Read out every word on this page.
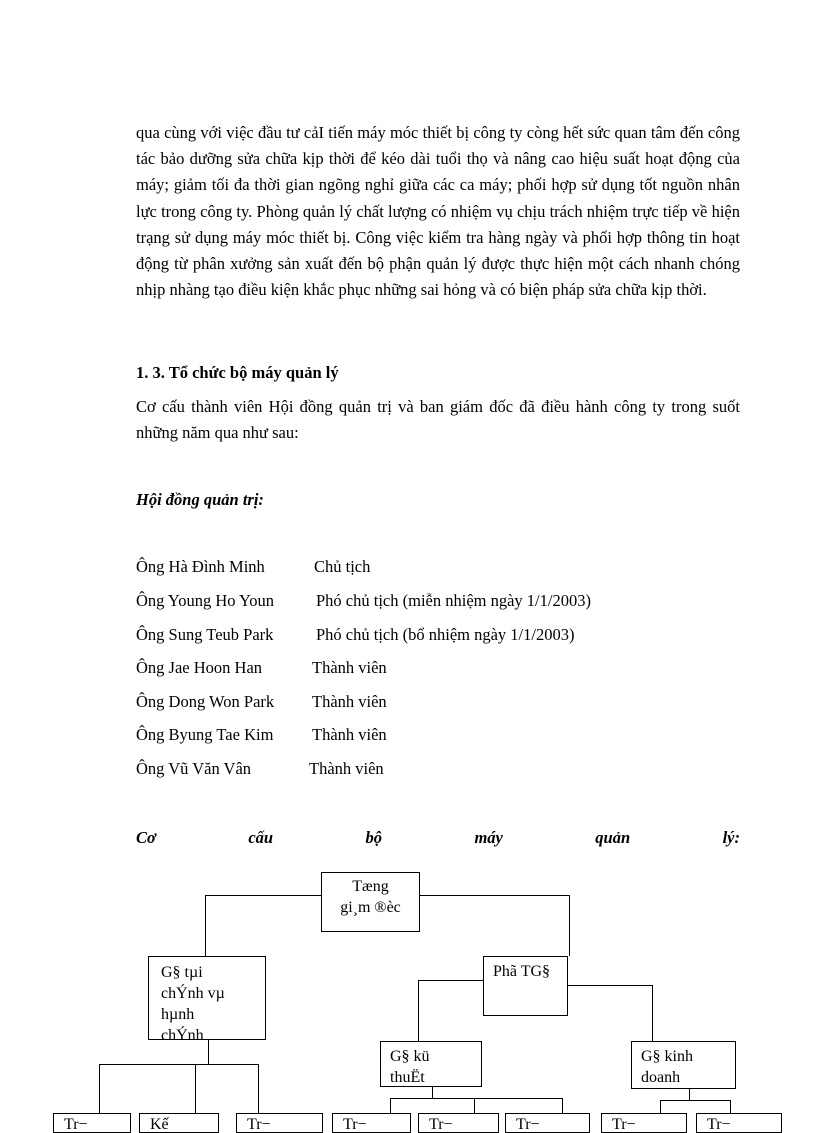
qua cùng với việc đầu tư cảI tiến máy móc thiết bị công ty còng hết sức quan tâm đến công tác bảo dưỡng sửa chữa kịp thời để kéo dài tuổi thọ và nâng cao hiệu suất hoạt động của máy; giảm tối đa thời gian ngõng nghỉ giữa các ca máy; phối hợp sử dụng tốt nguồn nhân lực trong công ty. Phòng quản lý chất lượng có nhiệm vụ chịu trách nhiệm trực tiếp về hiện trạng sử dụng máy móc thiết bị. Công việc kiểm tra hàng ngày và phối hợp thông tin hoạt động từ phân xưởng sản xuất đến bộ phận quản lý được thực hiện một cách nhanh chóng nhịp nhàng tạo điều kiện khắc phục những sai hỏng và có biện pháp sửa chữa kịp thời.

1. 3. Tổ chức bộ máy quản lý

Cơ cấu thành viên Hội đồng quản trị và ban giám đốc đã điều hành công ty trong suốt những năm qua như sau:

Hội đồng quản trị:

Ông Hà Đình Minh	Chủ tịch
Ông Young Ho Youn	Phó chủ tịch (miễn nhiệm ngày 1/1/2003)
Ông Sung Teub Park	Phó chủ tịch (bổ nhiệm ngày 1/1/2003)
Ông Jae Hoon Han	Thành viên
Ông Dong Won Park Thành viên
Ông Byung Tae Kim Thành viên
Ông Vũ Văn Vân	Thành viên
Cơ	cấu	bộ	máy	quản	lý:
Tæng
gi¸m ®èc
G§ tµi
chÝnh vµ
hµnh
chÝnh
Phã TG§
G§ kü
thuËt
G§ kinh
doanh
Tr−	Kế	Tr−	Tr−	Tr−	Tr−	Tr−	Tr−
